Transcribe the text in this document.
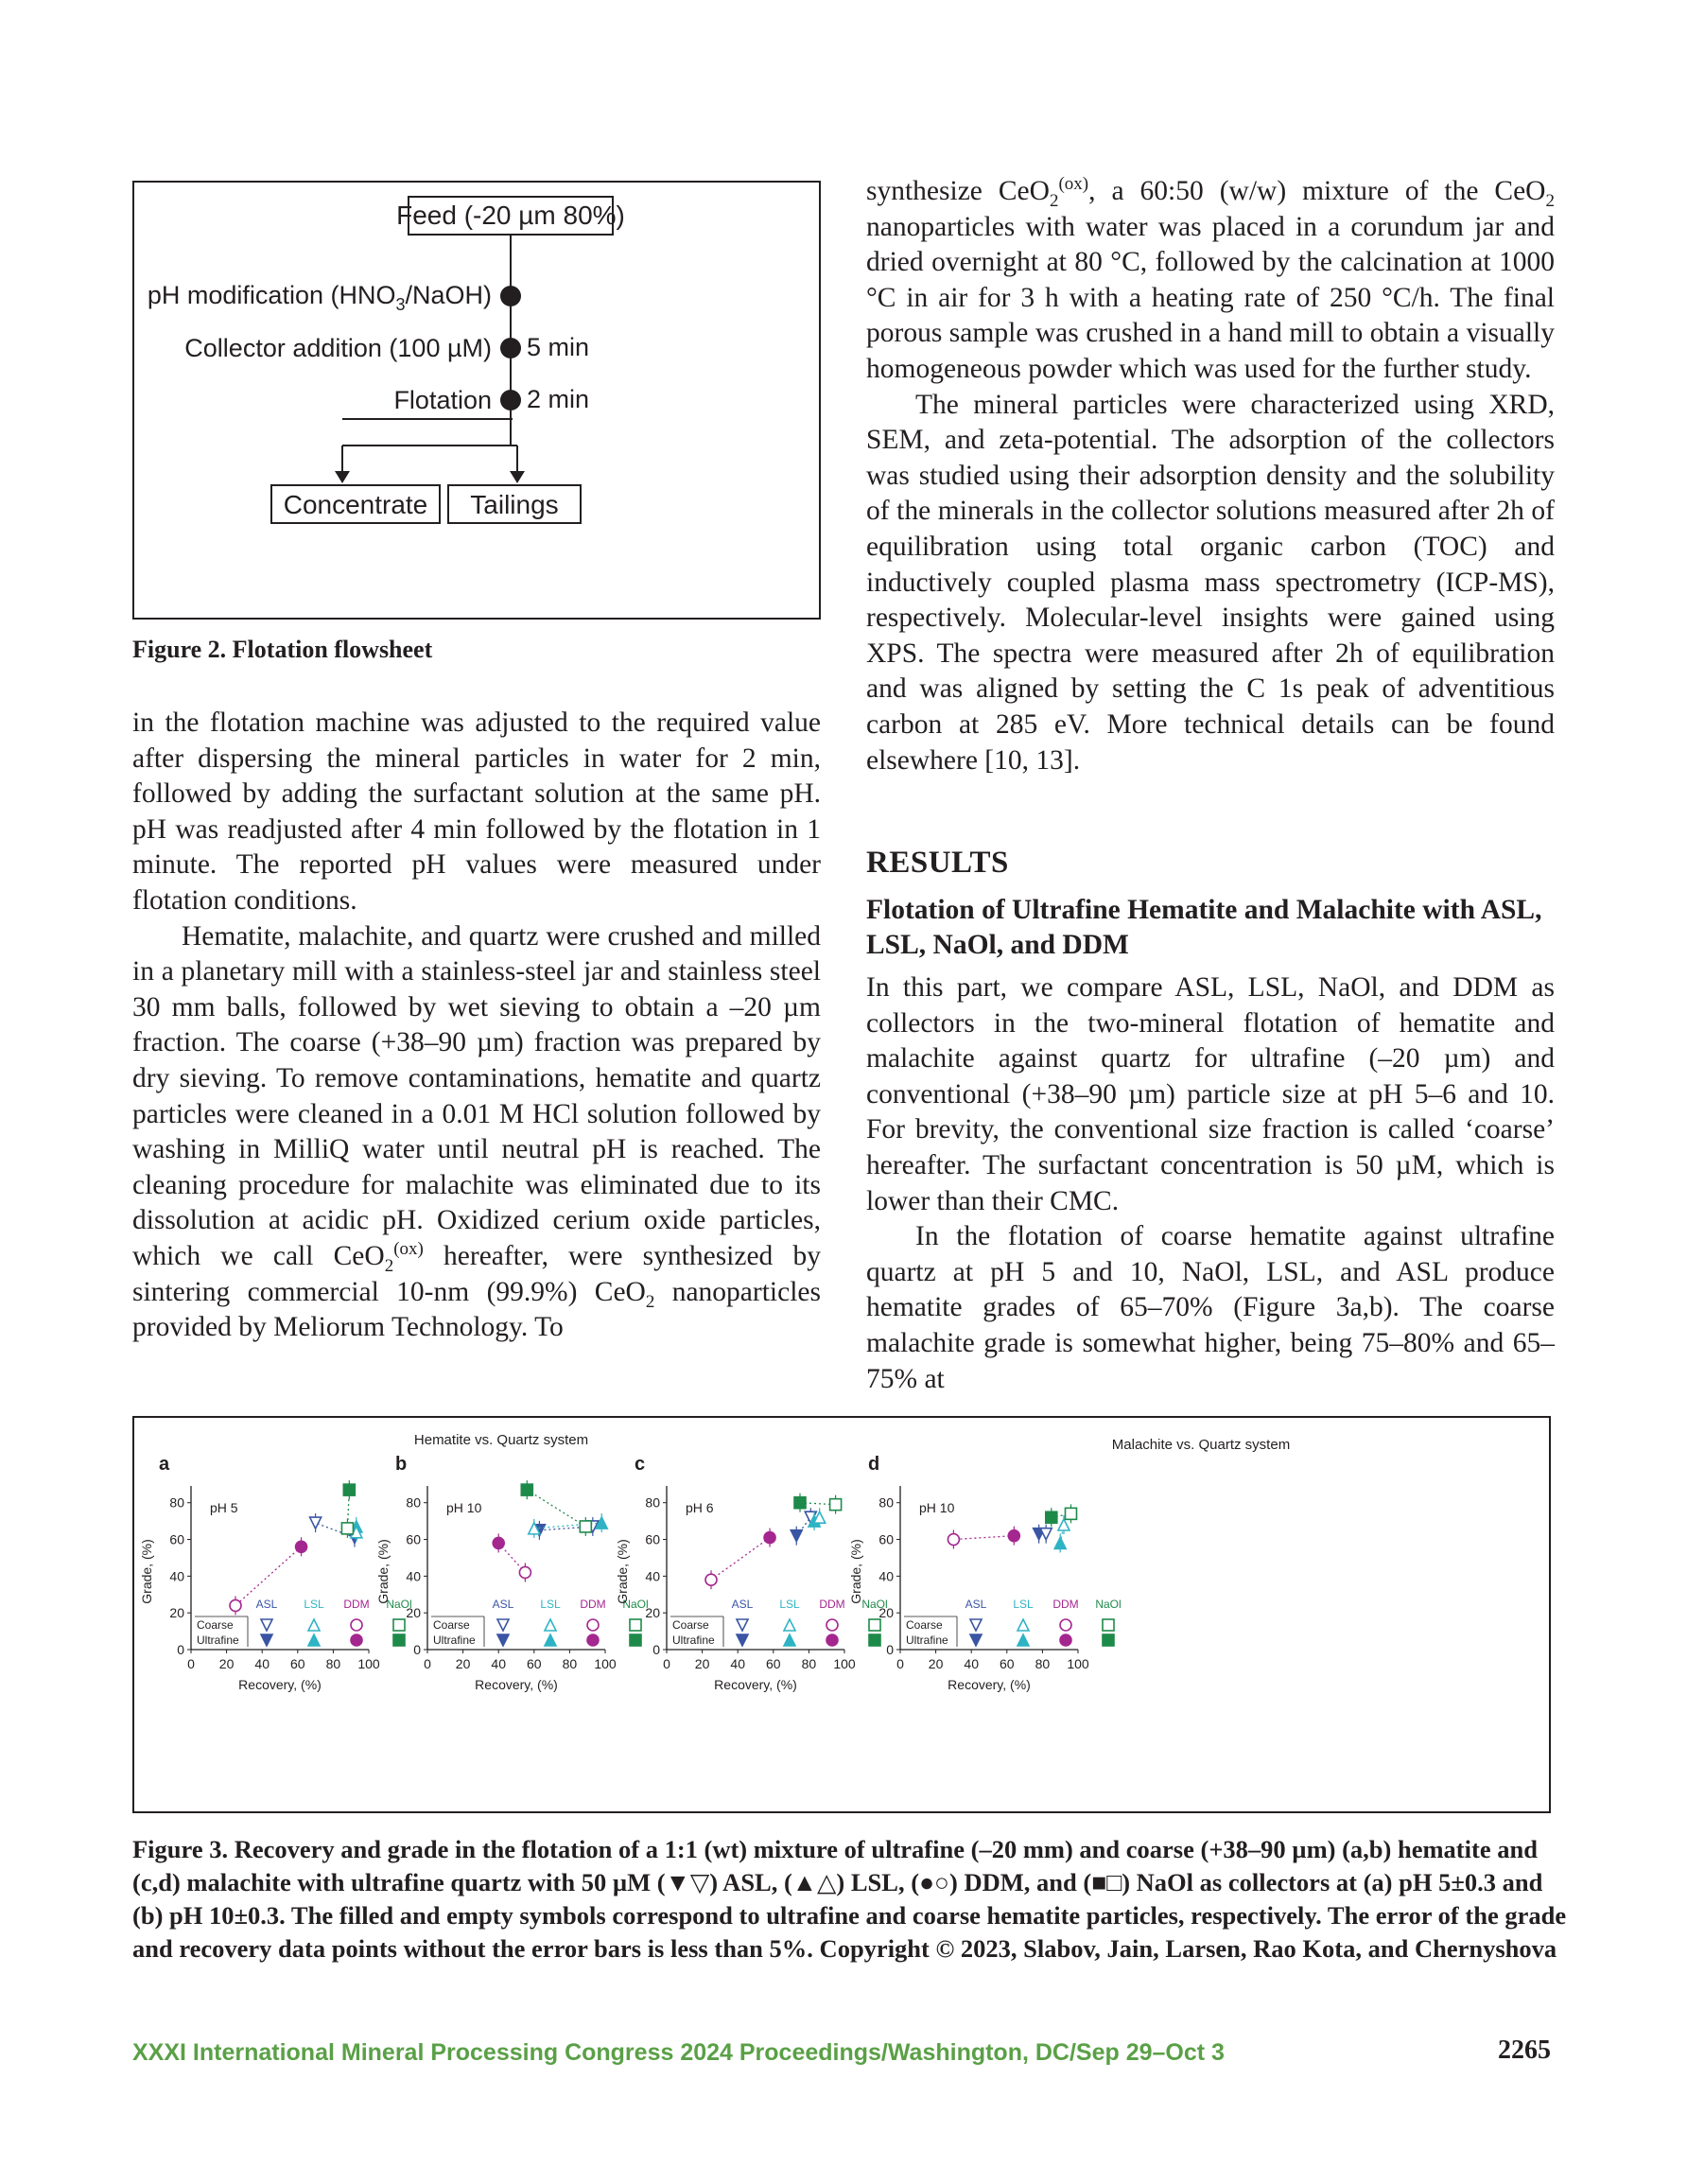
Feed (-20 µm 80%)
pH modification $(HNO_3/NaOH)$
Collector addition (100 µM) 5 min
Flotation 2 min
Concentrate Tailings
Figure 2. Flotation flowsheet

in the flotation machine was adjusted to the required value after dispersing the mineral particles in water for 2 min, followed by adding the surfactant solution at the same pH. pH was readjusted after 4 min followed by the flotation in 1 minute. The reported pH values were measured under flotation conditions.

Hematite, malachite, and quartz were crushed and milled in a planetary mill with a stainless-steel jar and stainless steel 30 mm balls, followed by wet sieving to obtain a –20 µm fraction. The coarse (+38–90 µm) fraction was prepared by dry sieving. To remove contaminations, hematite and quartz particles were cleaned in a 0.01 M HCl solution followed by washing in MilliQ water until neutral pH is reached. The cleaning procedure for malachite was eliminated due to its dissolution at acidic pH. Oxidized cerium oxide particles, which we call CeO$_2^{(ox)}$ hereafter, were synthesized by sintering commercial 10-nm (99.9%) CeO$_2$ nanoparticles provided by Meliorum Technology. To

synthesize CeO$_2^{(ox)}$, a 60:50 (w/w) mixture of the CeO$_2$ nanoparticles with water was placed in a corundum jar and dried overnight at 80 °C, followed by the calcination at 1000 °C in air for 3 h with a heating rate of 250 °C/h. The final porous sample was crushed in a hand mill to obtain a visually homogeneous powder which was used for the further study.

The mineral particles were characterized using XRD, SEM, and zeta-potential. The adsorption of the collectors was studied using their adsorption density and the solubility of the minerals in the collector solutions measured after 2h of equilibration using total organic carbon (TOC) and inductively coupled plasma mass spectrometry (ICP-MS), respectively. Molecular-level insights were gained using XPS. The spectra were measured after 2h of equilibration and was aligned by setting the C 1s peak of adventitious carbon at 285 eV. More technical details can be found elsewhere [10, 13].

RESULTS
Flotation of Ultrafine Hematite and Malachite with ASL, LSL, NaOl, and DDM

In this part, we compare ASL, LSL, NaOl, and DDM as collectors in the two-mineral flotation of hematite and malachite against quartz for ultrafine (–20 µm) and conventional (+38–90 µm) particle size at pH 5–6 and 10. For brevity, the conventional size fraction is called ‘coarse’ hereafter. The surfactant concentration is 50 µM, which is lower than their CMC.

In the flotation of coarse hematite against ultrafine quartz at pH 5 and 10, NaOl, LSL, and ASL produce hematite grades of 65–70% (Figure 3a,b). The coarse malachite grade is somewhat higher, being 75–80% and 65–75% at

Hematite vs. Quartz system	Malachite vs. Quartz system
a
0
20
40
60
80
0 20 40 60 80 100
Recovery, (%)
Grade, (%)
pH 5
Coarse
Ultrafine
ASL LSL DDM NaOl
b
0
20
40
60
80
0 20 40 60 80 100
Recovery, (%)
Grade, (%)
pH 10
Coarse
Ultrafine
ASL LSL DDM NaOl
c
0
20
40
60
80
0 20 40 60 80 100
Recovery, (%)
Grade, (%)
pH 6
Coarse
Ultrafine
ASL LSL DDM NaOl
d
0
20
40
60
80
0 20 40 60 80 100
Recovery, (%)
Grade, (%)
pH 10
Coarse
Ultrafine
ASL LSL DDM NaOl
Figure 3. Recovery and grade in the flotation of a 1:1 (wt) mixture of ultrafine (–20 mm) and coarse (+38–90 µm) (a,b) hematite and (c,d) malachite with ultrafine quartz with 50 µM (▼▽) ASL, (▲△) LSL, (●○) DDM, and (■□) NaOl as collectors at (a) pH 5±0.3 and (b) pH 10±0.3. The filled and empty symbols correspond to ultrafine and coarse hematite particles, respectively. The error of the grade and recovery data points without the error bars is less than 5%. Copyright © 2023, Slabov, Jain, Larsen, Rao Kota, and Chernyshova
XXXI International Mineral Processing Congress 2024 Proceedings/Washington, DC/Sep 29–Oct 3	2265
